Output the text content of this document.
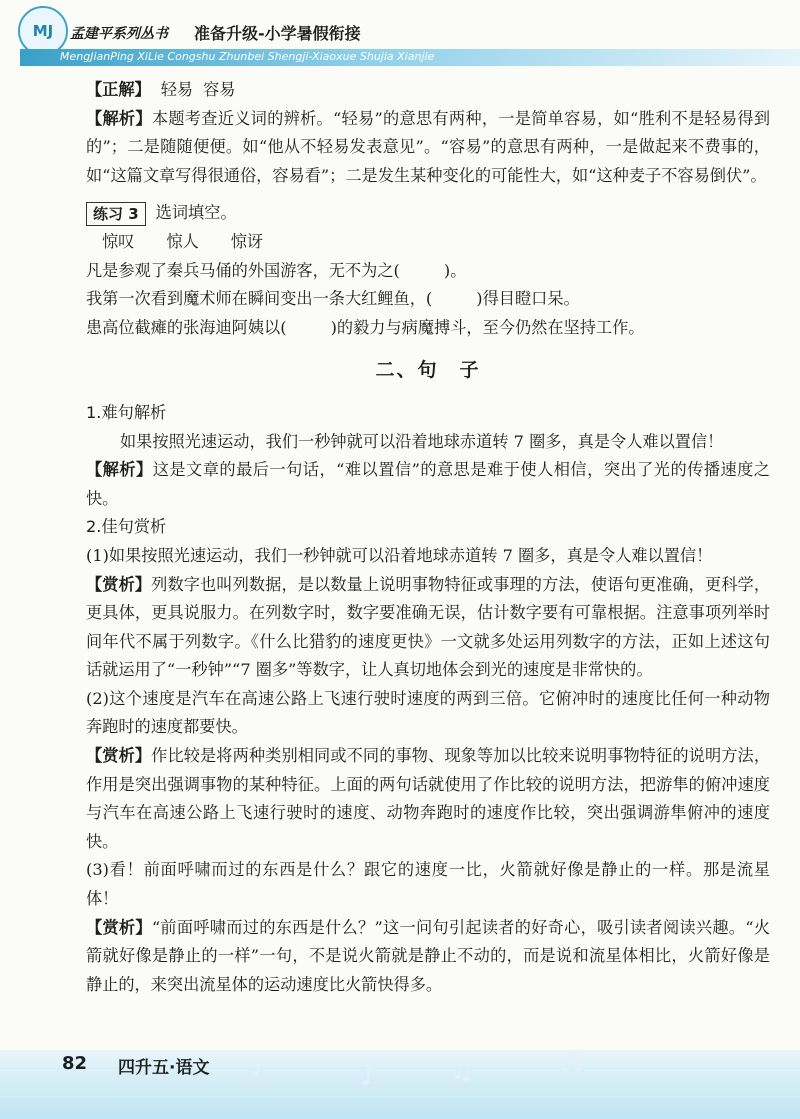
MJ 孟建平系列丛书 准备升级-小学暑假衔接
MengJianPing XiLie Congshu Zhunbei Shengji-Xiaoxue Shujia Xianjie

【正解】 轻易 容易

【解析】本题考查近义词的辨析。“轻易”的意思有两种，一是简单容易，如“胜利不是轻易得到的”；二是随随便便。如“他从不轻易发表意见”。“容易”的意思有两种，一是做起来不费事的，如“这篇文章写得很通俗，容易看”；二是发生某种变化的可能性大，如“这种麦子不容易倒伏”。

练习 3	选词填空。

惊叹 惊人 惊讶

凡是参观了秦兵马俑的外国游客，无不为之(	)。

我第一次看到魔术师在瞬间变出一条大红鲤鱼，(	)得目瞪口呆。

患高位截瘫的张海迪阿姨以(	)的毅力与病魔搏斗，至今仍然在坚持工作。

二、句　子

1.难句解析

如果按照光速运动，我们一秒钟就可以沿着地球赤道转 7 圈多，真是令人难以置信！

【解析】这是文章的最后一句话，“难以置信”的意思是难于使人相信，突出了光的传播速度之快。

2.佳句赏析

(1)如果按照光速运动，我们一秒钟就可以沿着地球赤道转 7 圈多，真是令人难以置信！

【赏析】列数字也叫列数据，是以数量上说明事物特征或事理的方法，使语句更准确，更科学，更具体，更具说服力。在列数字时，数字要准确无误，估计数字要有可靠根据。注意事项列举时间年代不属于列数字。《什么比猎豹的速度更快》一文就多处运用列数字的方法，正如上述这句话就运用了“一秒钟”“7 圈多”等数字，让人真切地体会到光的速度是非常快的。

(2)这个速度是汽车在高速公路上飞速行驶时速度的两到三倍。它俯冲时的速度比任何一种动物奔跑时的速度都要快。

【赏析】作比较是将两种类别相同或不同的事物、现象等加以比较来说明事物特征的说明方法，作用是突出强调事物的某种特征。上面的两句话就使用了作比较的说明方法，把游隼的俯冲速度与汽车在高速公路上飞速行驶时的速度、动物奔跑时的速度作比较，突出强调游隼俯冲的速度快。

(3)看！前面呼啸而过的东西是什么？跟它的速度一比，火箭就好像是静止的一样。那是流星体！

【赏析】“前面呼啸而过的东西是什么？”这一问句引起读者的好奇心，吸引读者阅读兴趣。“火箭就好像是静止的一样”一句，不是说火箭就是静止不动的，而是说和流星体相比，火箭好像是静止的，来突出流星体的运动速度比火箭快得多。

♩	♪	♫	♬
82 四升五·语文
